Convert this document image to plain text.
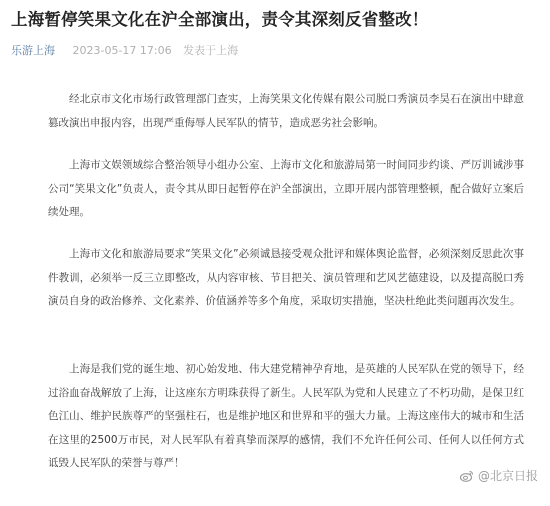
上海暂停笑果文化在沪全部演出，责令其深刻反省整改！
乐游上海 2023-05-17 17:06 发表于上海

经北京市文化市场行政管理部门查实，上海笑果文化传媒有限公司脱口秀演员李昊石在演出中肆意篡改演出申报内容，出现严重侮辱人民军队的情节，造成恶劣社会影响。

上海市文娱领域综合整治领导小组办公室、上海市文化和旅游局第一时间同步约谈、严厉训诫涉事公司“笑果文化”负责人，责令其从即日起暂停在沪全部演出，立即开展内部管理整顿，配合做好立案后续处理。

上海市文化和旅游局要求“笑果文化”必须诚恳接受观众批评和媒体舆论监督，必须深刻反思此次事件教训，必须举一反三立即整改，从内容审核、节目把关、演员管理和艺风艺德建设，以及提高脱口秀演员自身的政治修养、文化素养、价值涵养等多个角度，采取切实措施，坚决杜绝此类问题再次发生。

上海是我们党的诞生地、初心始发地、伟大建党精神孕育地，是英雄的人民军队在党的领导下，经过浴血奋战解放了上海，让这座东方明珠获得了新生。人民军队为党和人民建立了不朽功勋，是保卫红色江山、维护民族尊严的坚强柱石，也是维护地区和世界和平的强大力量。上海这座伟大的城市和生活在这里的2500万市民，对人民军队有着真挚而深厚的感情，我们不允许任何公司、任何人以任何方式诋毁人民军队的荣誉与尊严！

@北京日报
